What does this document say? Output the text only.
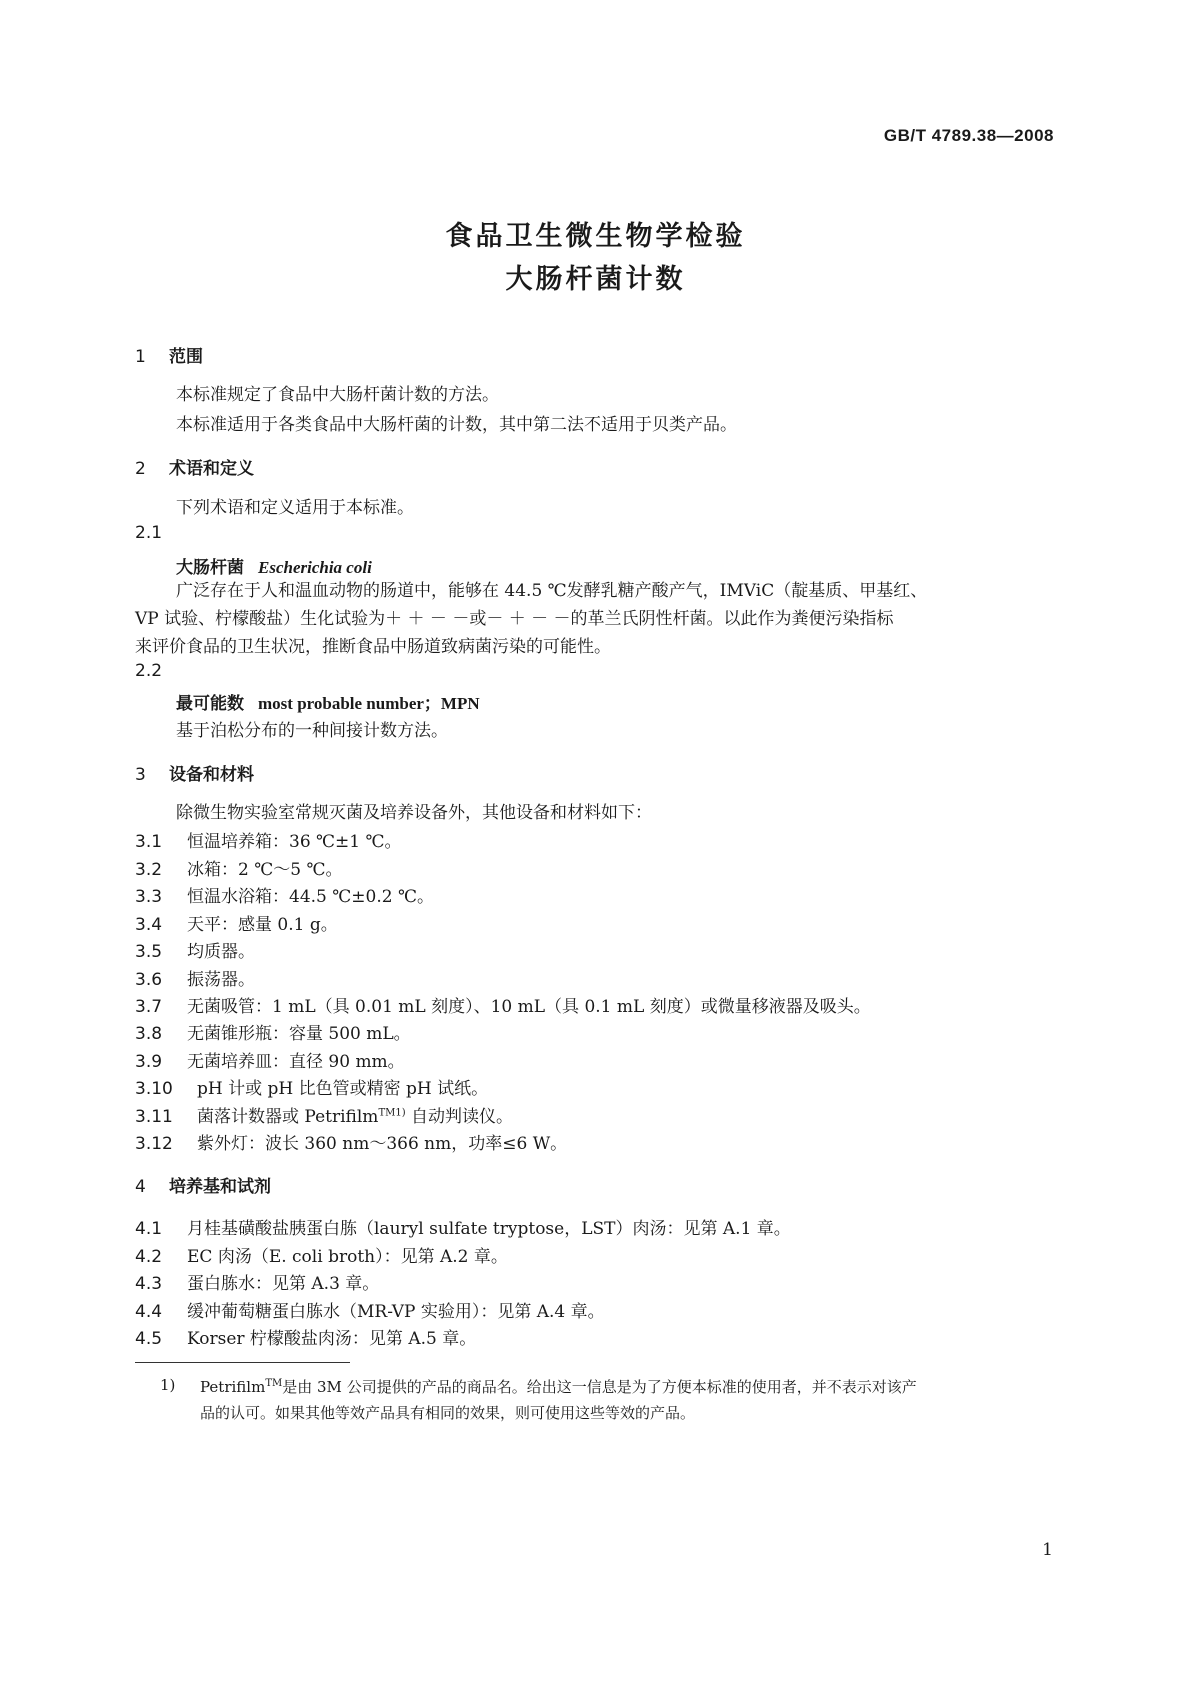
GB/T 4789.38—2008
食品卫生微生物学检验
大肠杆菌计数
1 范围
本标准规定了食品中大肠杆菌计数的方法。
本标准适用于各类食品中大肠杆菌的计数，其中第二法不适用于贝类产品。
2 术语和定义
下列术语和定义适用于本标准。
2.1
大肠杆菌 Escherichia coli
广泛存在于人和温血动物的肠道中，能够在 44.5 ℃发酵乳糖产酸产气，IMViC（靛基质、甲基红、
VP 试验、柠檬酸盐）生化试验为＋ ＋ － －或－ ＋ － －的革兰氏阴性杆菌。以此作为粪便污染指标
来评价食品的卫生状况，推断食品中肠道致病菌污染的可能性。
2.2
最可能数 most probable number；MPN
基于泊松分布的一种间接计数方法。
3 设备和材料
除微生物实验室常规灭菌及培养设备外，其他设备和材料如下：
3.1 恒温培养箱：36 ℃±1 ℃。
3.2 冰箱：2 ℃～5 ℃。
3.3 恒温水浴箱：44.5 ℃±0.2 ℃。
3.4 天平：感量 0.1 g。
3.5 均质器。
3.6 振荡器。
3.7 无菌吸管：1 mL（具 0.01 mL 刻度）、10 mL（具 0.1 mL 刻度）或微量移液器及吸头。
3.8 无菌锥形瓶：容量 500 mL。
3.9 无菌培养皿：直径 90 mm。
3.10 pH 计或 pH 比色管或精密 pH 试纸。
3.11 菌落计数器或 Petrifilm$^{TM1)}$ 自动判读仪。
3.12 紫外灯：波长 360 nm～366 nm，功率≤6 W。
4 培养基和试剂
4.1 月桂基磺酸盐胰蛋白胨（lauryl sulfate tryptose，LST）肉汤：见第 A.1 章。
4.2 EC 肉汤（E. coli broth）：见第 A.2 章。
4.3 蛋白胨水：见第 A.3 章。
4.4 缓冲葡萄糖蛋白胨水（MR-VP 实验用）：见第 A.4 章。
4.5 Korser 柠檬酸盐肉汤：见第 A.5 章。
1) Petrifilm™是由 3M 公司提供的产品的商品名。给出这一信息是为了方便本标准的使用者，并不表示对该产
品的认可。如果其他等效产品具有相同的效果，则可使用这些等效的产品。
1
